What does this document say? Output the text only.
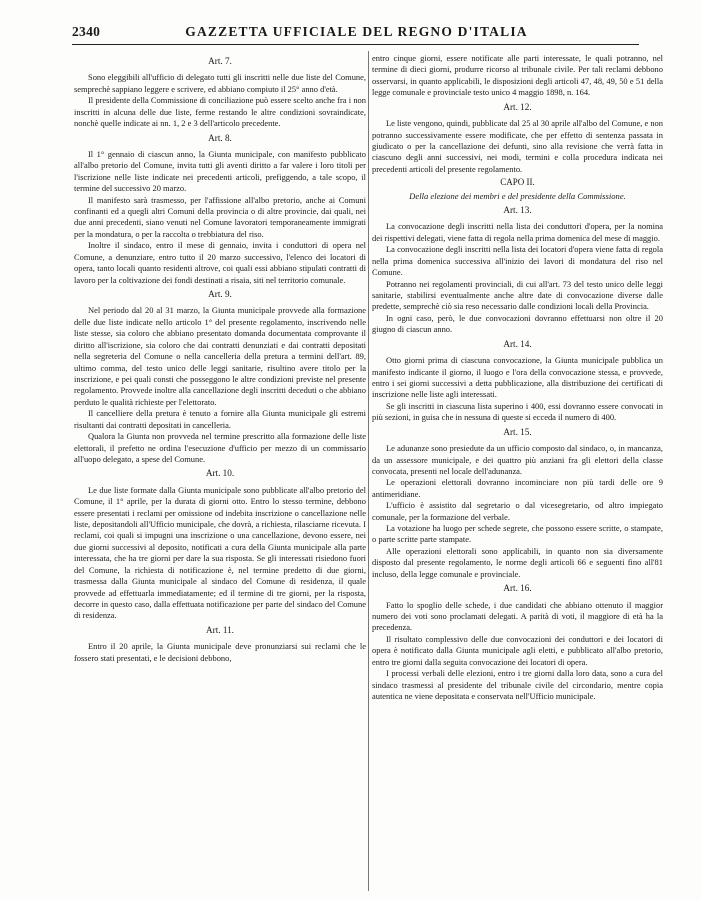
2340	GAZZETTA UFFICIALE DEL REGNO D'ITALIA
Art. 7.

Sono eleggibili all'ufficio di delegato tutti gli inscritti nelle due liste del Comune, semprechè sappiano leggere e scrivere, ed abbiano compiuto il 25° anno d'età.

Il presidente della Commissione di conciliazione può essere scelto anche fra i non inscritti in alcuna delle due liste, ferme restando le altre condizioni sovraindicate, nonchè quelle indicate ai nn. 1, 2 e 3 dell'articolo precedente.

Art. 8.

Il 1° gennaio di ciascun anno, la Giunta municipale, con manifesto pubblicato all'albo pretorio del Comune, invita tutti gli aventi diritto a far valere i loro titoli per l'iscrizione nelle liste indicate nei precedenti articoli, prefiggendo, a tale scopo, il termine del successivo 20 marzo.

Il manifesto sarà trasmesso, per l'affissione all'albo pretorio, anche ai Comuni confinanti ed a quegli altri Comuni della provincia o di altre provincie, dai quali, nei due anni precedenti, siano venuti nel Comune lavoratori temporaneamente immigrati per la mondatura, o per la raccolta o trebbiatura del riso.

Inoltre il sindaco, entro il mese di gennaio, invita i conduttori di opera nel Comune, a denunziare, entro tutto il 20 marzo successivo, l'elenco dei locatori di opera, tanto locali quanto residenti altrove, coi quali essi abbiano stipulati contratti di lavoro per la coltivazione dei fondi destinati a risaia, siti nel territorio comunale.

Art. 9.

Nel periodo dal 20 al 31 marzo, la Giunta municipale provvede alla formazione delle due liste indicate nello articolo 1° del presente regolamento, inscrivendo nelle liste stesse, sia coloro che abbiano presentato domanda documentata comprovante il diritto all'iscrizione, sia coloro che dai contratti denunziati e dai contratti depositati nella segreteria del Comune o nella cancelleria della pretura a termini dell'art. 89, ultimo comma, del testo unico delle leggi sanitarie, risultino avere titolo per la inscrizione, e pei quali consti che posseggono le altre condizioni previste nel presente regolamento. Provvede inoltre alla cancellazione degli inscritti deceduti o che abbiano perduto le qualità richieste per l'elettorato.

Il cancelliere della pretura è tenuto a fornire alla Giunta municipale gli estremi risultanti dai contratti depositati in cancelleria.

Qualora la Giunta non provveda nel termine prescritto alla formazione delle liste elettorali, il prefetto ne ordina l'esecuzione d'ufficio per mezzo di un commissario all'uopo delegato, a spese del Comune.

Art. 10.

Le due liste formate dalla Giunta municipale sono pubblicate all'albo pretorio del Comune, il 1° aprile, per la durata di giorni otto. Entro lo stesso termine, debbono essere presentati i reclami per omissione od indebita inscrizione o cancellazione nelle liste, depositandoli all'Ufficio municipale, che dovrà, a richiesta, rilasciarne ricevuta. I reclami, coi quali si impugni una inscrizione o una cancellazione, devono essere, nei due giorni successivi al deposito, notificati a cura della Giunta municipale alla parte interessata, che ha tre giorni per dare la sua risposta. Se gli interessati risiedono fuori del Comune, la richiesta di notificazione è, nel termine predetto di due giorni, trasmessa dalla Giunta municipale al sindaco del Comune di residenza, il quale provvede ad effettuarla immediatamente; ed il termine di tre giorni, per la risposta, decorre in questo caso, dalla effettuata notificazione per parte del sindaco del Comune di residenza.

Art. 11.

Entro il 20 aprile, la Giunta municipale deve pronunziarsi sui reclami che le fossero stati presentati, e le decisioni debbono,

entro cinque giorni, essere notificate alle parti interessate, le quali potranno, nel termine di dieci giorni, produrre ricorso al tribunale civile. Per tali reclami debbono osservarsi, in quanto applicabili, le disposizioni degli articoli 47, 48, 49, 50 e 51 della legge comunale e provinciale testo unico 4 maggio 1898, n. 164.

Art. 12.

Le liste vengono, quindi, pubblicate dal 25 al 30 aprile all'albo del Comune, e non potranno successivamente essere modificate, che per effetto di sentenza passata in giudicato o per la cancellazione dei defunti, sino alla revisione che verrà fatta in ciascuno degli anni successivi, nei modi, termini e colla procedura indicata nei precedenti articoli del presente regolamento.

CAPO II.
Della elezione dei membri e del presidente della Commissione.
Art. 13.

La convocazione degli inscritti nella lista dei conduttori d'opera, per la nomina dei rispettivi delegati, viene fatta di regola nella prima domenica del mese di maggio.

La convocazione degli inscritti nella lista dei locatori d'opera viene fatta di regola nella prima domenica successiva all'inizio dei lavori di mondatura del riso nel Comune.

Potranno nei regolamenti provinciali, di cui all'art. 73 del testo unico delle leggi sanitarie, stabilirsi eventualmente anche altre date di convocazione diverse dalle predette, semprechè ciò sia reso necessario dalle condizioni locali della Provincia.

In ogni caso, però, le due convocazioni dovranno effettuarsi non oltre il 20 giugno di ciascun anno.

Art. 14.

Otto giorni prima di ciascuna convocazione, la Giunta municipale pubblica un manifesto indicante il giorno, il luogo e l'ora della convocazione stessa, e provvede, entro i sei giorni successivi a detta pubblicazione, alla distribuzione dei certificati di inscrizione nelle liste agli interessati.

Se gli inscritti in ciascuna lista superino i 400, essi dovranno essere convocati in più sezioni, in guisa che in nessuna di queste si ecceda il numero di 400.

Art. 15.

Le adunanze sono presiedute da un ufficio composto dal sindaco, o, in mancanza, da un assessore municipale, e dei quattro più anziani fra gli elettori della classe convocata, presenti nel locale dell'adunanza.

Le operazioni elettorali dovranno incominciare non più tardi delle ore 9 antimeridiane.

L'ufficio è assistito dal segretario o dal vicesegretario, od altro impiegato comunale, per la formazione del verbale.

La votazione ha luogo per schede segrete, che possono essere scritte, o stampate, o parte scritte parte stampate.

Alle operazioni elettorali sono applicabili, in quanto non sia diversamente disposto dal presente regolamento, le norme degli articoli 66 e seguenti fino all'81 incluso, della legge comunale e provinciale.

Art. 16.

Fatto lo spoglio delle schede, i due candidati che abbiano ottenuto il maggior numero dei voti sono proclamati delegati. A parità di voti, il maggiore di età ha la precedenza.

Il risultato complessivo delle due convocazioni dei conduttori e dei locatori di opera è notificato dalla Giunta municipale agli eletti, e pubblicato all'albo pretorio, entro tre giorni dalla seguita convocazione dei locatori di opera.

I processi verbali delle elezioni, entro i tre giorni dalla loro data, sono a cura del sindaco trasmessi al presidente del tribunale civile del circondario, mentre copia autentica ne viene depositata e conservata nell'Ufficio municipale.
